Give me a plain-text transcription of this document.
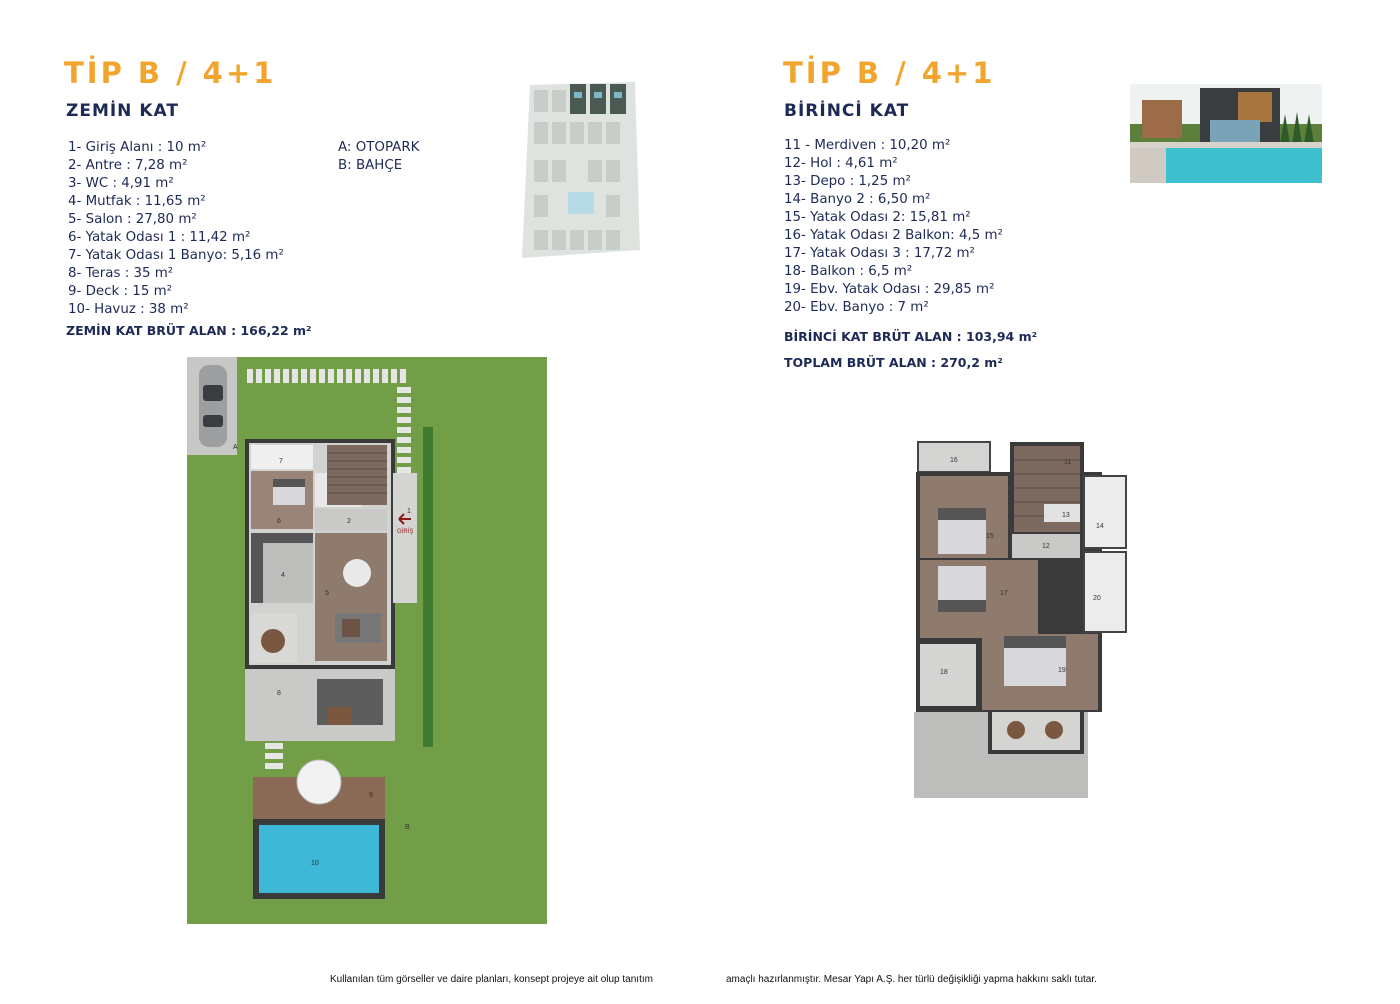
TİP B / 4+1
ZEMİN KAT
1- Giriş Alanı : 10 m²
2- Antre : 7,28 m²
3- WC : 4,91 m²
4- Mutfak : 11,65 m²
5- Salon : 27,80 m²
6- Yatak Odası 1 : 11,42 m²
7- Yatak Odası 1 Banyo: 5,16 m²
8- Teras : 35 m²
9- Deck : 15 m²
10- Havuz : 38 m²
A: OTOPARK
B: BAHÇE
ZEMİN KAT BRÜT ALAN : 166,22 m²
A
6
7
2
4
5
8
1
GİRİŞ
9
10
B
TİP B / 4+1
BİRİNCİ KAT
11 - Merdiven : 10,20 m²
12- Hol : 4,61 m²
13- Depo : 1,25 m²
14- Banyo 2 : 6,50 m²
15- Yatak Odası 2: 15,81 m²
16- Yatak Odası 2 Balkon: 4,5 m²
17- Yatak Odası 3 : 17,72 m²
18- Balkon : 6,5 m²
19- Ebv. Yatak Odası : 29,85 m²
20- Ebv. Banyo : 7 m²
BİRİNCİ KAT BRÜT ALAN : 103,94 m²
TOPLAM BRÜT ALAN : 270,2 m²
16
15
17
11
13
12
14
20
18	19
Kullanılan tüm görseller ve daire planları, konsept projeye ait olup tanıtım	amaçlı hazırlanmıştır. Mesar Yapı A.Ş. her türlü değişikliği yapma hakkını saklı tutar.
